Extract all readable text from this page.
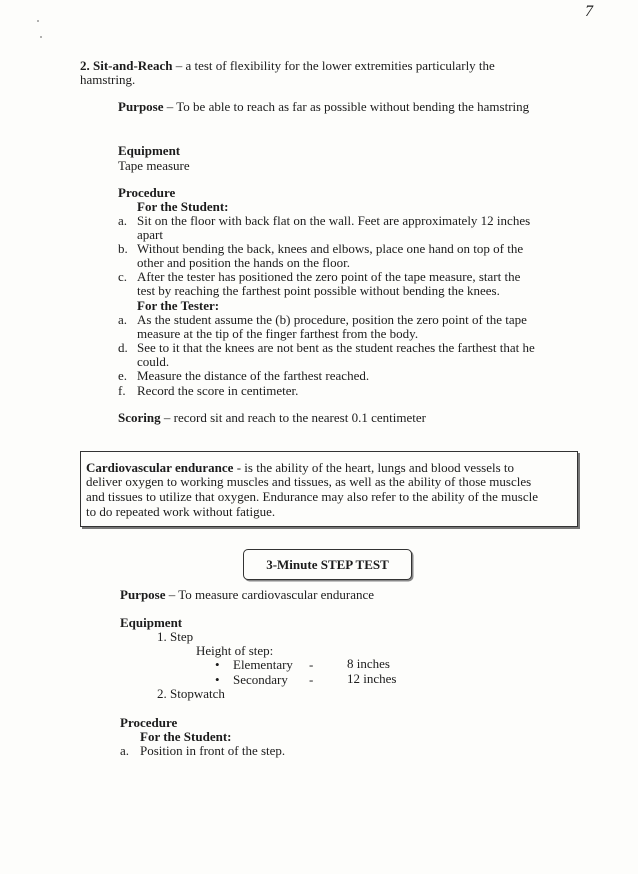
7
2. Sit-and-Reach – a test of flexibility for the lower extremities particularly the
hamstring.
Purpose – To be able to reach as far as possible without bending the hamstring
Equipment
Tape measure
Procedure
For the Student:
a. Sit on the floor with back flat on the wall. Feet are approximately 12 inches
apart
b. Without bending the back, knees and elbows, place one hand on top of the
other and position the hands on the floor.
c. After the tester has positioned the zero point of the tape measure, start the
test by reaching the farthest point possible without bending the knees.
For the Tester:
a. As the student assume the (b) procedure, position the zero point of the tape
measure at the tip of the finger farthest from the body.
d. See to it that the knees are not bent as the student reaches the farthest that he
could.
e. Measure the distance of the farthest reached.
f. Record the score in centimeter.
Scoring – record sit and reach to the nearest 0.1 centimeter
Cardiovascular endurance - is the ability of the heart, lungs and blood vessels to
deliver oxygen to working muscles and tissues, as well as the ability of those muscles
and tissues to utilize that oxygen. Endurance may also refer to the ability of the muscle
to do repeated work without fatigue.
3-Minute STEP TEST
Purpose – To measure cardiovascular endurance
Equipment
1. Step
Height of step:
• Elementary -	8 inches
• Secondary -	12 inches
2. Stopwatch
Procedure
For the Student:
a. Position in front of the step.
